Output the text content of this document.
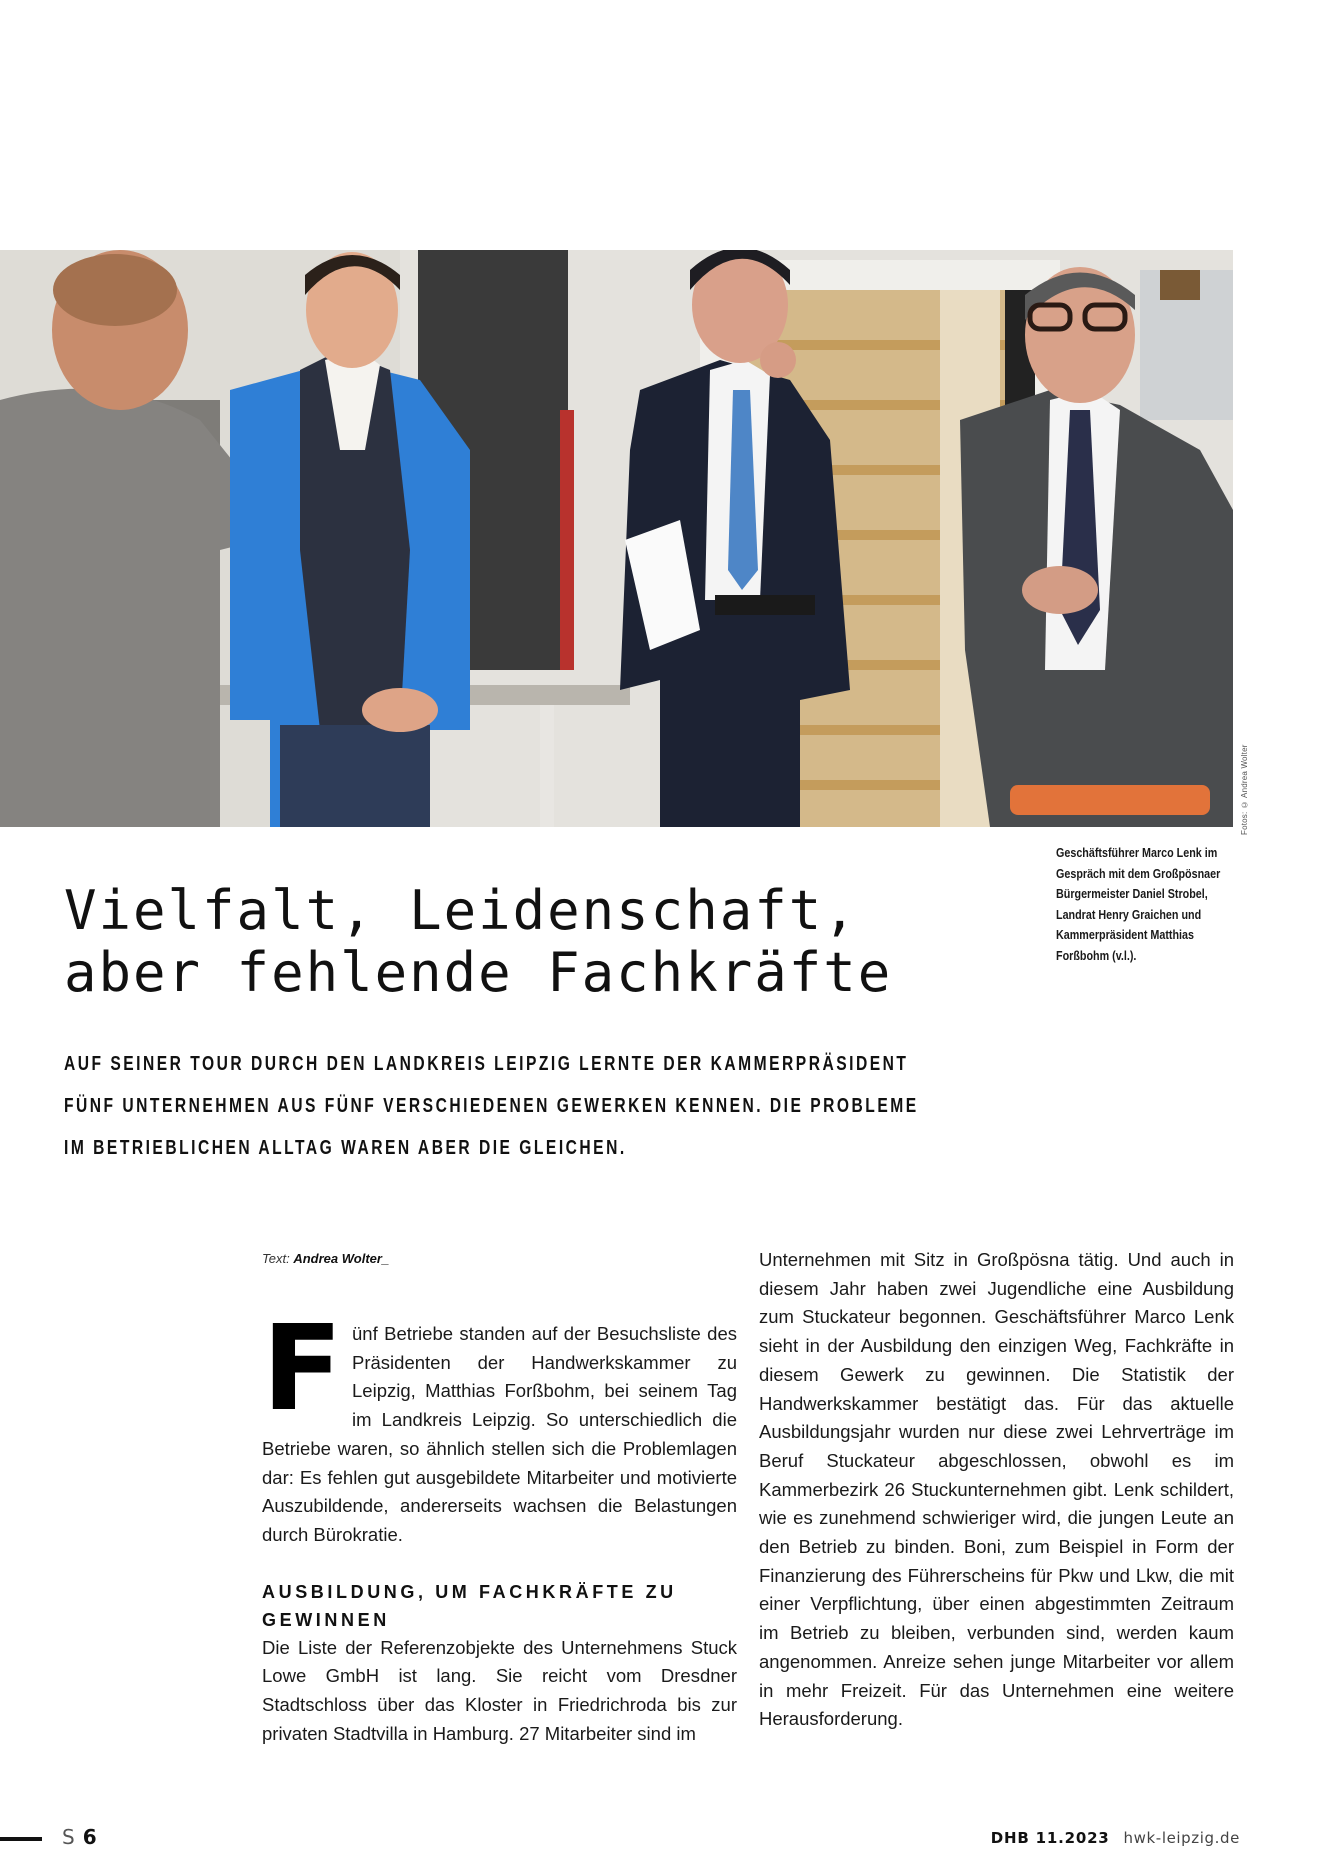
Fotos: © Andrea Wolter
Geschäftsführer Marco Lenk im
Gespräch mit dem Großpösnaer
Bürgermeister Daniel Strobel,
Landrat Henry Graichen und
Kammerpräsident Matthias
Forßbohm (v.l.).
Vielfalt, Leidenschaft,
aber fehlende Fachkräfte
AUF SEINER TOUR DURCH DEN LANDKREIS LEIPZIG LERNTE DER KAMMERPRÄSIDENT
FÜNF UNTERNEHMEN AUS FÜNF VERSCHIEDENEN GEWERKEN KENNEN. DIE PROBLEME
IM BETRIEBLICHEN ALLTAG WAREN ABER DIE GLEICHEN.
Text: Andrea Wolter_

Fünf Betriebe standen auf der Besuchsliste des Präsidenten der Handwerkskammer zu Leipzig, Matthias Forßbohm, bei seinem Tag im Landkreis Leipzig. So unterschiedlich die Betriebe waren, so ähnlich stellen sich die Problemlagen dar: Es fehlen gut ausgebildete Mitarbeiter und motivierte Auszubildende, andererseits wachsen die Belastungen durch Bürokratie.

AUSBILDUNG, UM FACHKRÄFTE ZU GEWINNEN

Die Liste der Referenzobjekte des Unternehmens Stuck Lowe GmbH ist lang. Sie reicht vom Dresdner Stadtschloss über das Kloster in Friedrichroda bis zur privaten Stadtvilla in Hamburg. 27 Mitarbeiter sind im

Unternehmen mit Sitz in Großpösna tätig. Und auch in diesem Jahr haben zwei Jugendliche eine Ausbildung zum Stuckateur begonnen. Geschäftsführer Marco Lenk sieht in der Ausbildung den einzigen Weg, Fachkräfte in diesem Gewerk zu gewinnen. Die Statistik der Handwerkskammer bestätigt das. Für das aktuelle Ausbildungsjahr wurden nur diese zwei Lehrverträge im Beruf Stuckateur abgeschlossen, obwohl es im Kammerbezirk 26 Stuckunternehmen gibt. Lenk schildert, wie es zunehmend schwieriger wird, die jungen Leute an den Betrieb zu binden. Boni, zum Beispiel in Form der Finanzierung des Führerscheins für Pkw und Lkw, die mit einer Verpflichtung, über einen abgestimmten Zeitraum im Betrieb zu bleiben, verbunden sind, werden kaum angenommen. Anreize sehen junge Mitarbeiter vor allem in mehr Freizeit. Für das Unternehmen eine weitere Herausforderung.

S 6	DHB 11.2023 hwk-leipzig.de
